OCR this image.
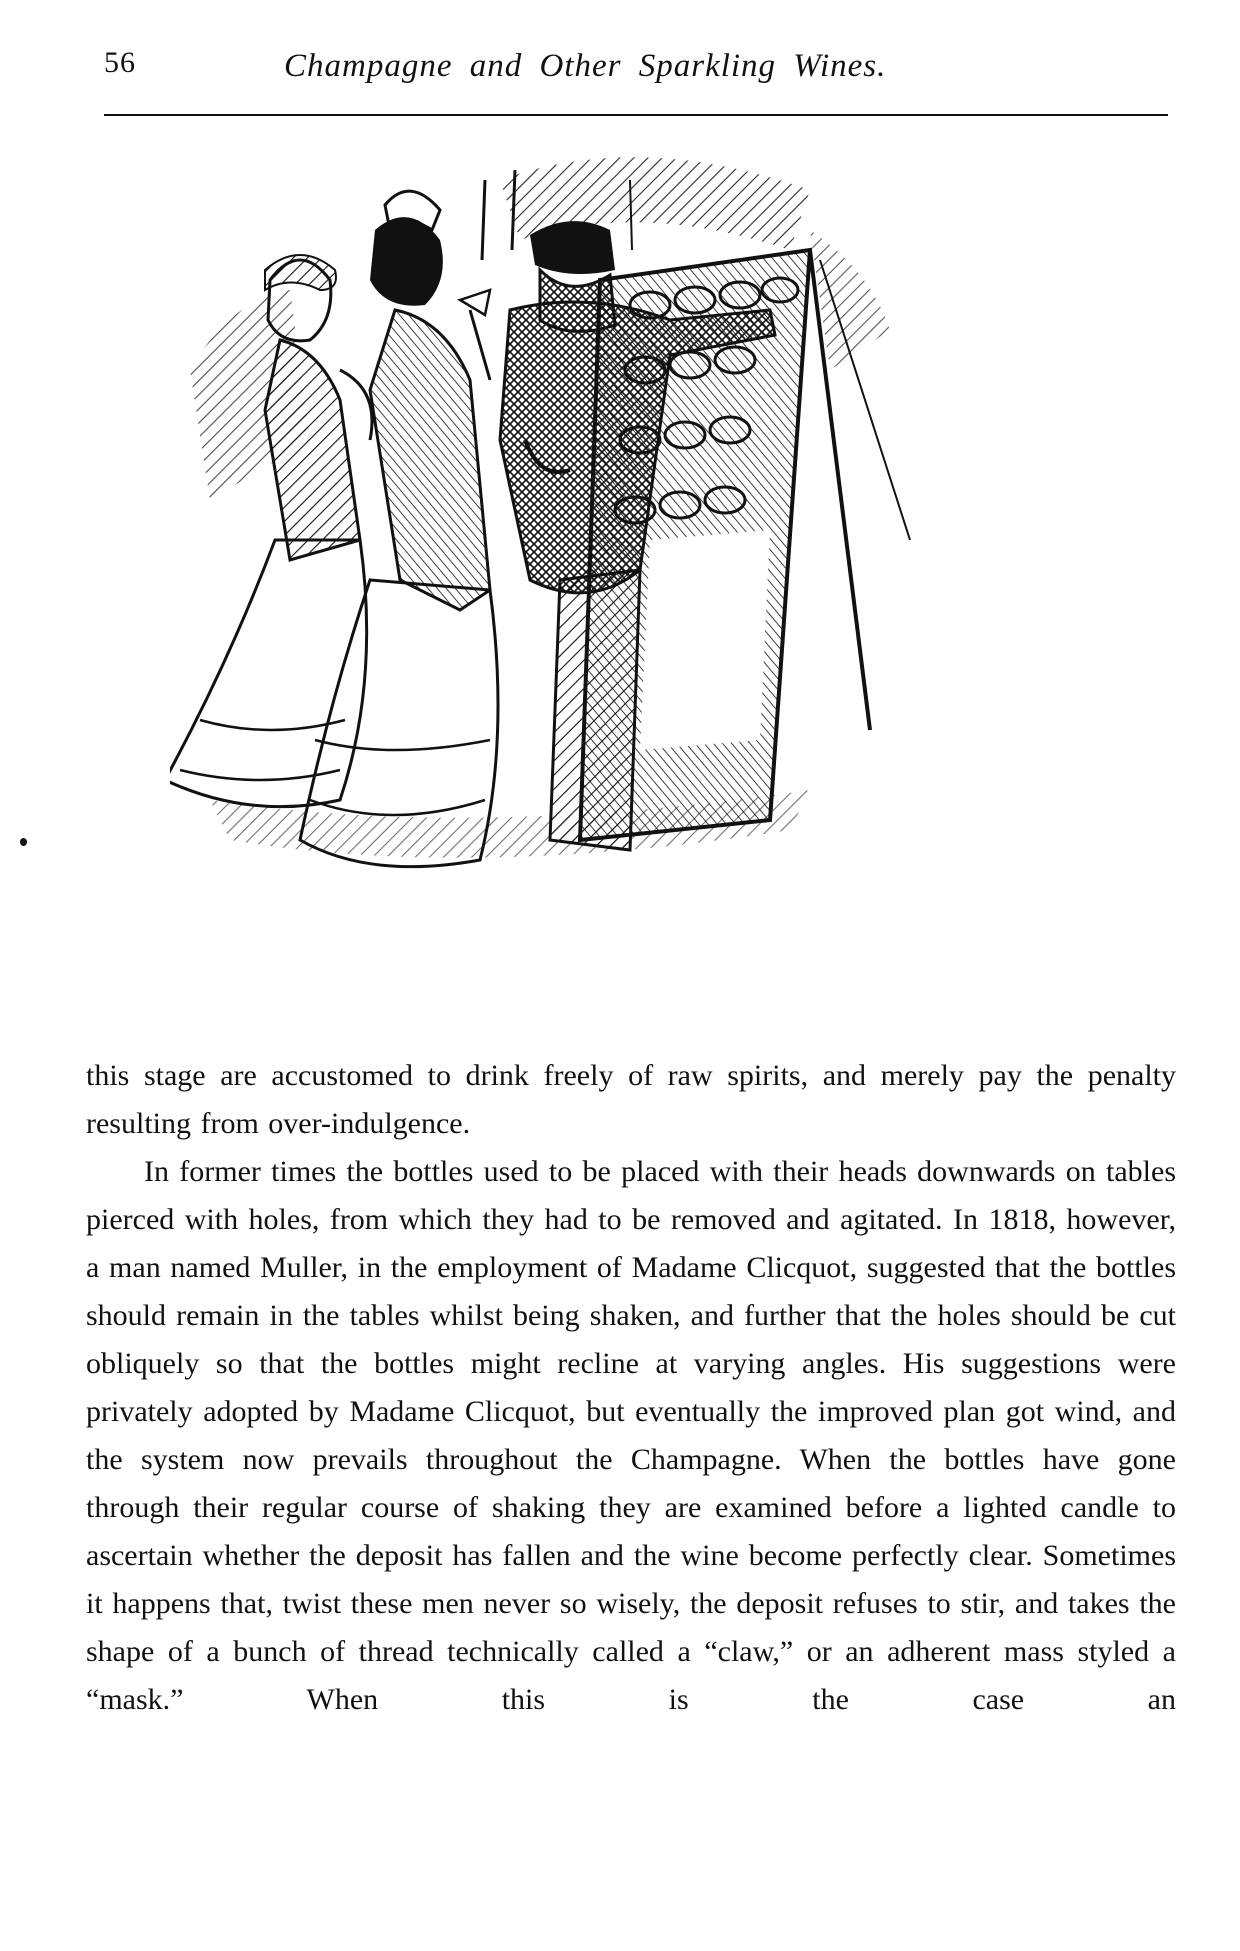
56	Champagne and Other Sparkling Wines.

this stage are accustomed to drink freely of raw spirits, and merely pay the penalty resulting from over-indulgence.

In former times the bottles used to be placed with their heads downwards on tables pierced with holes, from which they had to be removed and agitated. In 1818, however, a man named Muller, in the employment of Madame Clicquot, suggested that the bottles should remain in the tables whilst being shaken, and further that the holes should be cut obliquely so that the bottles might recline at varying angles. His suggestions were privately adopted by Madame Clicquot, but eventually the improved plan got wind, and the system now prevails throughout the Champagne. When the bottles have gone through their regular course of shaking they are examined before a lighted candle to ascertain whether the deposit has fallen and the wine become perfectly clear. Sometimes it happens that, twist these men never so wisely, the deposit refuses to stir, and takes the shape of a bunch of thread technically called a “claw,” or an adherent mass styled a “mask.” When this is the case an
